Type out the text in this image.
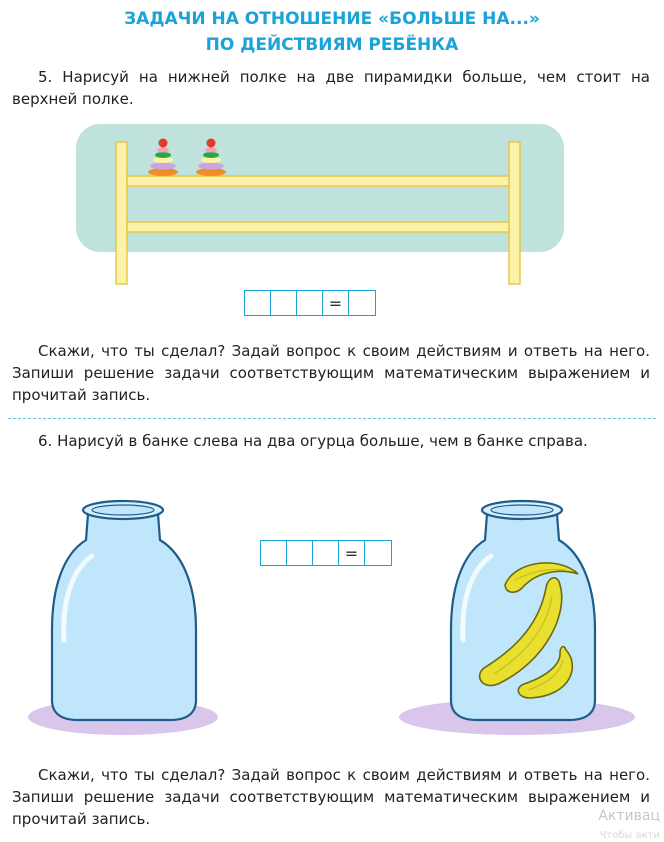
ЗАДАЧИ НА ОТНОШЕНИЕ «БОЛЬШЕ НА...»
ПО ДЕЙСТВИЯМ РЕБЁНКА
5. Нарисуй на нижней полке на две пирамидки больше, чем стоит на верхней полке.
=
Скажи, что ты сделал? Задай вопрос к своим действиям и ответь на него. Запиши решение задачи соответствующим математическим выражением и прочитай запись.
6. Нарисуй в банке слева на два огурца больше, чем в банке справа.
=
Скажи, что ты сделал? Задай вопрос к своим действиям и ответь на него. Запиши решение задачи соответствующим математическим выражением и прочитай запись.	Активац
Чтобы акти
